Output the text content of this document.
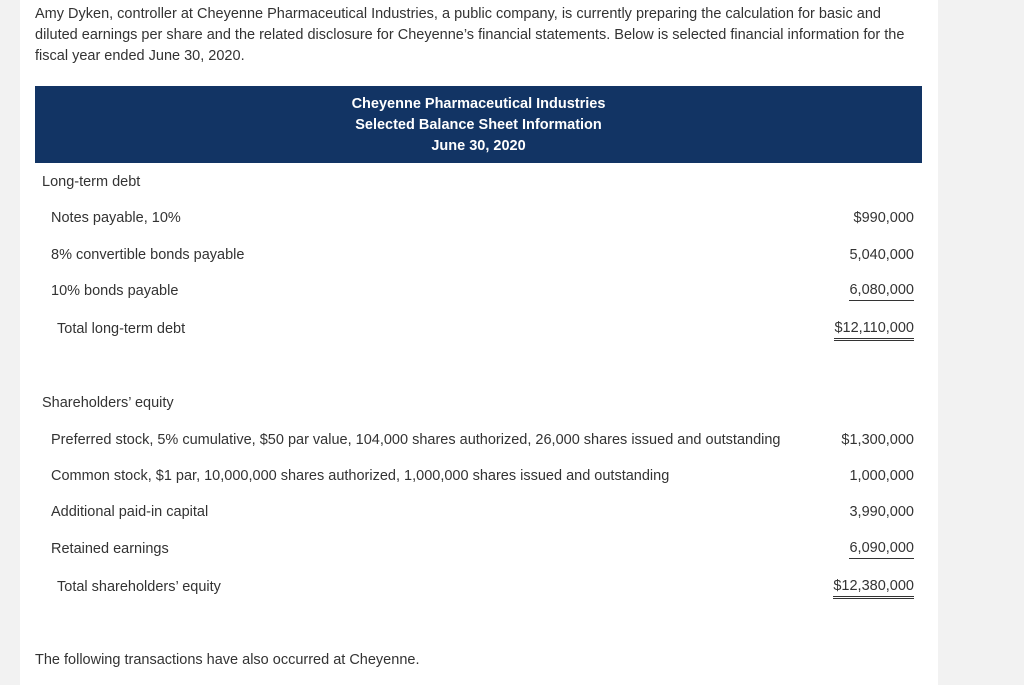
Amy Dyken, controller at Cheyenne Pharmaceutical Industries, a public company, is currently preparing the calculation for basic and diluted earnings per share and the related disclosure for Cheyenne’s financial statements. Below is selected financial information for the fiscal year ended June 30, 2020.
Cheyenne Pharmaceutical Industries
Selected Balance Sheet Information
June 30, 2020
Long-term debt
Notes payable, 10%	$990,000
8% convertible bonds payable	5,040,000
10% bonds payable	6,080,000
Total long-term debt	$12,110,000
Shareholders’ equity
Preferred stock, 5% cumulative, $50 par value, 104,000 shares authorized, 26,000 shares issued and outstanding	$1,300,000
Common stock, $1 par, 10,000,000 shares authorized, 1,000,000 shares issued and outstanding	1,000,000
Additional paid-in capital	3,990,000
Retained earnings	6,090,000
Total shareholders’ equity	$12,380,000
The following transactions have also occurred at Cheyenne.
